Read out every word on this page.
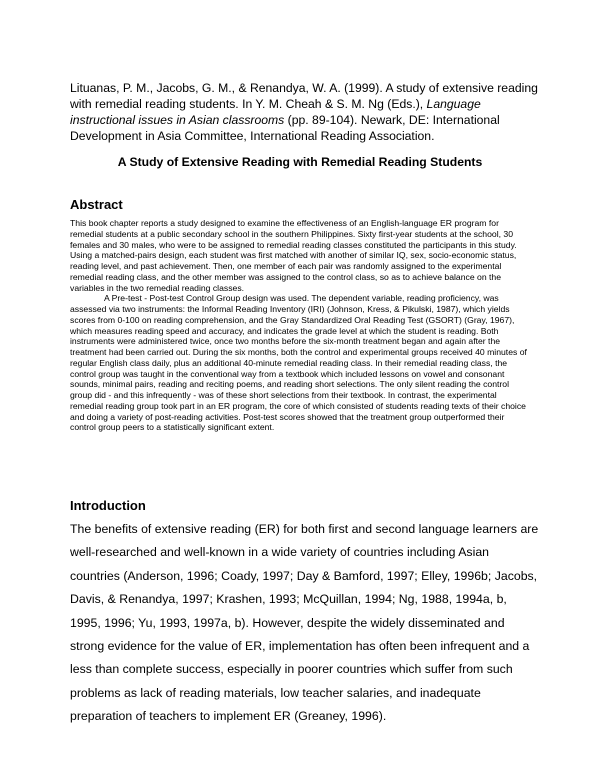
Lituanas, P. M., Jacobs, G. M., & Renandya, W. A. (1999). A study of extensive reading with remedial reading students. In Y. M. Cheah & S. M. Ng (Eds.), Language instructional issues in Asian classrooms (pp. 89-104). Newark, DE: International Development in Asia Committee, International Reading Association.
A Study of Extensive Reading with Remedial Reading Students
Abstract

This book chapter reports a study designed to examine the effectiveness of an English-language ER program for remedial students at a public secondary school in the southern Philippines. Sixty first-year students at the school, 30 females and 30 males, who were to be assigned to remedial reading classes constituted the participants in this study. Using a matched-pairs design, each student was first matched with another of similar IQ, sex, socio-economic status, reading level, and past achievement. Then, one member of each pair was randomly assigned to the experimental remedial reading class, and the other member was assigned to the control class, so as to achieve balance on the variables in the two remedial reading classes.

A Pre-test - Post-test Control Group design was used. The dependent variable, reading proficiency, was assessed via two instruments: the Informal Reading Inventory (IRI) (Johnson, Kress, & Pikulski, 1987), which yields scores from 0-100 on reading comprehension, and the Gray Standardized Oral Reading Test (GSORT) (Gray, 1967), which measures reading speed and accuracy, and indicates the grade level at which the student is reading. Both instruments were administered twice, once two months before the six-month treatment began and again after the treatment had been carried out. During the six months, both the control and experimental groups received 40 minutes of regular English class daily, plus an additional 40-minute remedial reading class. In their remedial reading class, the control group was taught in the conventional way from a textbook which included lessons on vowel and consonant sounds, minimal pairs, reading and reciting poems, and reading short selections. The only silent reading the control group did - and this infrequently - was of these short selections from their textbook. In contrast, the experimental remedial reading group took part in an ER program, the core of which consisted of students reading texts of their choice and doing a variety of post-reading activities. Post-test scores showed that the treatment group outperformed their control group peers to a statistically significant extent.

Introduction

The benefits of extensive reading (ER) for both first and second language learners are well-researched and well-known in a wide variety of countries including Asian countries (Anderson, 1996; Coady, 1997; Day & Bamford, 1997; Elley, 1996b; Jacobs, Davis, & Renandya, 1997; Krashen, 1993; McQuillan, 1994; Ng, 1988, 1994a, b, 1995, 1996; Yu, 1993, 1997a, b). However, despite the widely disseminated and strong evidence for the value of ER, implementation has often been infrequent and a less than complete success, especially in poorer countries which suffer from such problems as lack of reading materials, low teacher salaries, and inadequate preparation of teachers to implement ER (Greaney, 1996).
